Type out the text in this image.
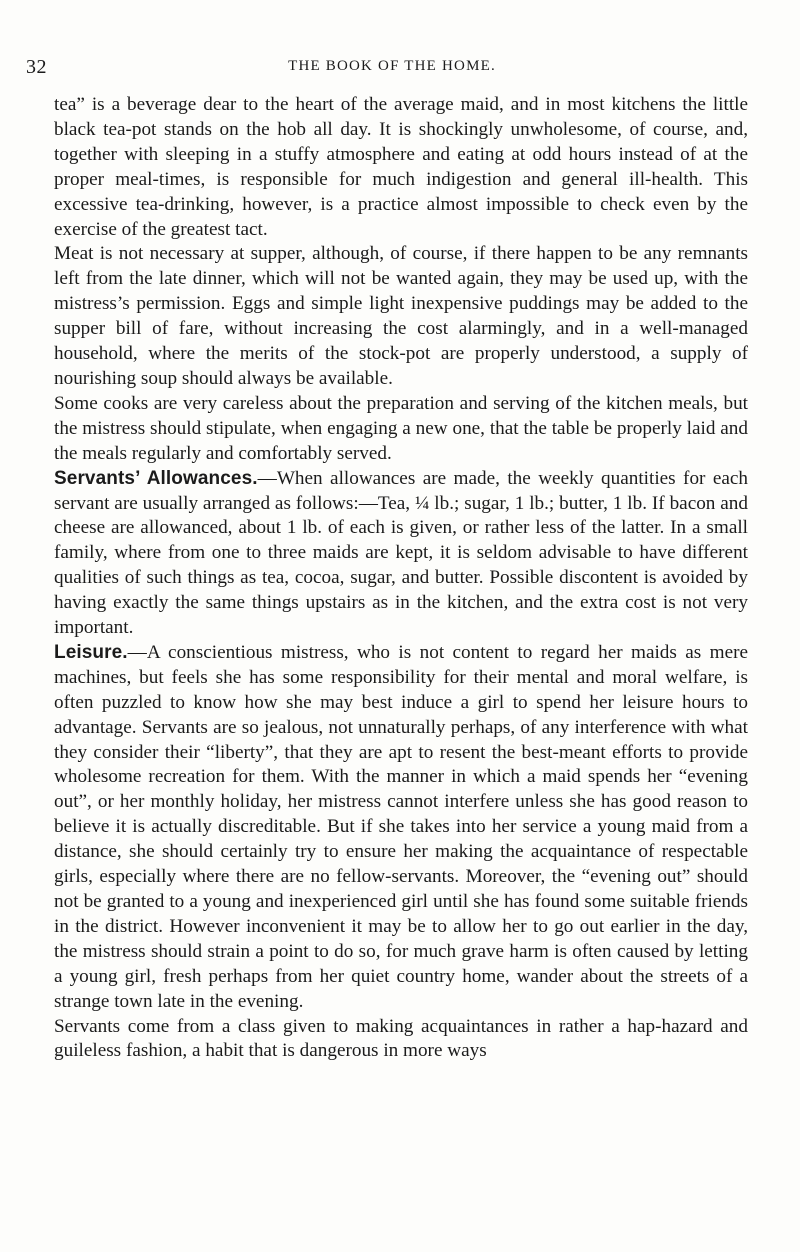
32	THE BOOK OF THE HOME.

tea” is a beverage dear to the heart of the average maid, and in most kitchens the little black tea-pot stands on the hob all day. It is shockingly unwholesome, of course, and, together with sleeping in a stuffy atmosphere and eating at odd hours instead of at the proper meal-times, is responsible for much indigestion and general ill-health. This excessive tea-drinking, however, is a practice almost impossible to check even by the exercise of the greatest tact.

Meat is not necessary at supper, although, of course, if there happen to be any remnants left from the late dinner, which will not be wanted again, they may be used up, with the mistress’s permission. Eggs and simple light inexpensive puddings may be added to the supper bill of fare, without increasing the cost alarmingly, and in a well-managed household, where the merits of the stock-pot are properly understood, a supply of nourishing soup should always be available.

Some cooks are very careless about the preparation and serving of the kitchen meals, but the mistress should stipulate, when engaging a new one, that the table be properly laid and the meals regularly and comfortably served.

Servants’ Allowances.—When allowances are made, the weekly quantities for each servant are usually arranged as follows:—Tea, ¼ lb.; sugar, 1 lb.; butter, 1 lb. If bacon and cheese are allowanced, about 1 lb. of each is given, or rather less of the latter. In a small family, where from one to three maids are kept, it is seldom advisable to have different qualities of such things as tea, cocoa, sugar, and butter. Possible discontent is avoided by having exactly the same things upstairs as in the kitchen, and the extra cost is not very important.

Leisure.—A conscientious mistress, who is not content to regard her maids as mere machines, but feels she has some responsibility for their mental and moral welfare, is often puzzled to know how she may best induce a girl to spend her leisure hours to advantage. Servants are so jealous, not unnaturally perhaps, of any interference with what they consider their “liberty”, that they are apt to resent the best-meant efforts to provide wholesome recreation for them. With the manner in which a maid spends her “evening out”, or her monthly holiday, her mistress cannot interfere unless she has good reason to believe it is actually discreditable. But if she takes into her service a young maid from a distance, she should certainly try to ensure her making the acquaintance of respectable girls, especially where there are no fellow-servants. Moreover, the “evening out” should not be granted to a young and inexperienced girl until she has found some suitable friends in the district. However inconvenient it may be to allow her to go out earlier in the day, the mistress should strain a point to do so, for much grave harm is often caused by letting a young girl, fresh perhaps from her quiet country home, wander about the streets of a strange town late in the evening.

Servants come from a class given to making acquaintances in rather a hap-hazard and guileless fashion, a habit that is dangerous in more ways
